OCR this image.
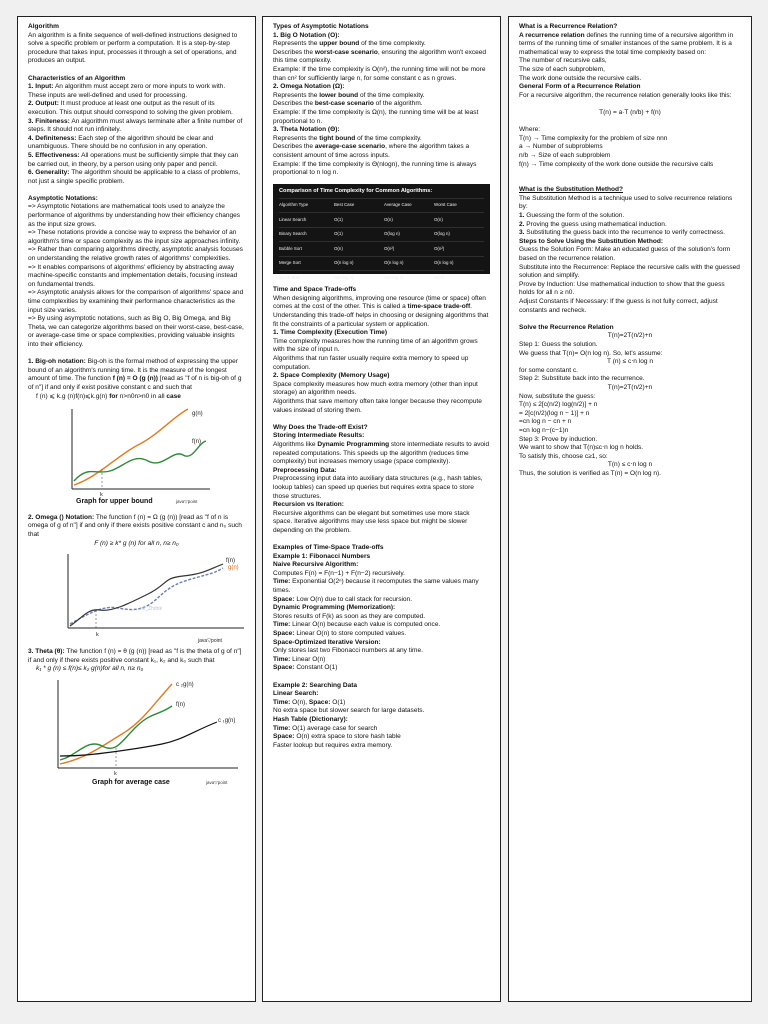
Algorithm

An algorithm is a finite sequence of well-defined instructions designed to solve a specific problem or perform a computation. It is a step-by-step procedure that takes input, processes it through a set of operations, and produces an output.

Characteristics of an Algorithm

1. Input: An algorithm must accept zero or more inputs to work with. These inputs are well-defined and used for processing.

2. Output: It must produce at least one output as the result of its execution. This output should correspond to solving the given problem.

3. Finiteness: An algorithm must always terminate after a finite number of steps. It should not run infinitely.

4. Definiteness: Each step of the algorithm should be clear and unambiguous. There should be no confusion in any operation.

5. Effectiveness: All operations must be sufficiently simple that they can be carried out, in theory, by a person using only paper and pencil.

6. Generality: The algorithm should be applicable to a class of problems, not just a single specific problem.

Asymptotic Notations:

=> Asymptotic Notations are mathematical tools used to analyze the performance of algorithms by understanding how their efficiency changes as the input size grows.

=> These notations provide a concise way to express the behavior of an algorithm's time or space complexity as the input size approaches infinity.

=> Rather than comparing algorithms directly, asymptotic analysis focuses on understanding the relative growth rates of algorithms' complexities.

=> It enables comparisons of algorithms' efficiency by abstracting away machine-specific constants and implementation details, focusing instead on fundamental trends.

=> Asymptotic analysis allows for the comparison of algorithms' space and time complexities by examining their performance characteristics as the input size varies.

=> By using asymptotic notations, such as Big O, Big Omega, and Big Theta, we can categorize algorithms based on their worst-case, best-case, or average-case time or space complexities, providing valuable insights into their efficiency.

1. Big-oh notation: Big-oh is the formal method of expressing the upper bound of an algorithm's running time. It is the measure of the longest amount of time. The function f (n) = O (g (n)) [read as "f of n is big-oh of g of n"] if and only if exist positive constant c and such that

f (n) ⩽ k.g (n)f(n)⩽k.g(n) for n>n0n>n0 in all case

g(n)
f(n)
k
Graph for upper bound	java▽point

2. Omega () Notation: The function f (n) = Ω (g (n)) [read as "f of n is omega of g of n"] if and only if there exists positive constant c and n₀ such that

F (n) ≥ k* g (n) for all n, n≥ n₀

nk_Zhdnk
f(n)
g(n)
k
java▽point

3. Theta (θ): The function f (n) = θ (g (n)) [read as "f is the theta of g of n"] if and only if there exists positive constant k₁, k₂ and k₀ such that

k₁ * g (n) ≤ f(n)≤ k₂ g(n)for all n, n≥ n₀

c ₂g(n)
f(n)
c ₁g(n)
k
Graph for average case	java▽point

Types of Asymptotic Notations

1. Big O Notation (O):

Represents the upper bound of the time complexity.

Describes the worst-case scenario, ensuring the algorithm won't exceed this time complexity.

Example: If the time complexity is O(n²), the running time will not be more than cn² for sufficiently large n, for some constant c as n grows.

2. Omega Notation (Ω):

Represents the lower bound of the time complexity.

Describes the best-case scenario of the algorithm.

Example: If the time complexity is Ω(n), the running time will be at least proportional to n.

3. Theta Notation (Θ):

Represents the tight bound of the time complexity.

Describes the average-case scenario, where the algorithm takes a consistent amount of time across inputs.

Example: If the time complexity is Θ(nlogn), the running time is always proportional to n log n.

Comparison of Time Complexity for Common Algorithms:
Algorithm Type	Best Case	Average Case	Worst Case
Linear Search	O(1)	O(n)	O(n)
Binary Search	O(1)	O(log n)	O(log n)
Bubble Sort	O(n)	O(n²)	O(n²)
Merge Sort	O(n log n)	O(n log n)	O(n log n)
Quick Sort	O(n log n)	O(n log n)	O(n²)

Time and Space Trade-offs

When designing algorithms, improving one resource (time or space) often comes at the cost of the other. This is called a time-space trade-off. Understanding this trade-off helps in choosing or designing algorithms that fit the constraints of a particular system or application.

1. Time Complexity (Execution Time)

Time complexity measures how the running time of an algorithm grows with the size of input n.

Algorithms that run faster usually require extra memory to speed up computation.

2. Space Complexity (Memory Usage)

Space complexity measures how much extra memory (other than input storage) an algorithm needs.

Algorithms that save memory often take longer because they recompute values instead of storing them.

Why Does the Trade-off Exist?

Storing Intermediate Results:

Algorithms like Dynamic Programming store intermediate results to avoid repeated computations. This speeds up the algorithm (reduces time complexity) but increases memory usage (space complexity).

Preprocessing Data:

Preprocessing input data into auxiliary data structures (e.g., hash tables, lookup tables) can speed up queries but requires extra space to store those structures.

Recursion vs Iteration:

Recursive algorithms can be elegant but sometimes use more stack space. Iterative algorithms may use less space but might be slower depending on the problem.

Examples of Time-Space Trade-offs

Example 1: Fibonacci Numbers

Naive Recursive Algorithm:

Computes F(n) = F(n−1) + F(n−2) recursively.

Time: Exponential O(2ⁿ) because it recomputes the same values many times.

Space: Low O(n) due to call stack for recursion.

Dynamic Programming (Memorization):

Stores results of F(k) as soon as they are computed.

Time: Linear O(n) because each value is computed once.

Space: Linear O(n) to store computed values.

Space-Optimized Iterative Version:

Only stores last two Fibonacci numbers at any time.

Time: Linear O(n)

Space: Constant O(1)

Example 2: Searching Data

Linear Search:

Time: O(n), Space: O(1)

No extra space but slower search for large datasets.

Hash Table (Dictionary):

Time: O(1) average case for search

Space: O(n) extra space to store hash table

Faster lookup but requires extra memory.

What is a Recurrence Relation?

A recurrence relation defines the running time of a recursive algorithm in terms of the running time of smaller instances of the same problem. It is a mathematical way to express the total time complexity based on:

The number of recursive calls,

The size of each subproblem,

The work done outside the recursive calls.

General Form of a Recurrence Relation

For a recursive algorithm, the recurrence relation generally looks like this:

T(n) = a·T (n/b) + f(n)

Where:

T(n) → Time complexity for the problem of size nnn

a → Number of subproblems

n/b → Size of each subproblem

f(n) → Time complexity of the work done outside the recursive calls

What is the Substitution Method?

The Substitution Method is a technique used to solve recurrence relations by:

1. Guessing the form of the solution.

2. Proving the guess using mathematical induction.

3. Substituting the guess back into the recurrence to verify correctness.

Steps to Solve Using the Substitution Method:

Guess the Solution Form: Make an educated guess of the solution's form based on the recurrence relation.

Substitute into the Recurrence: Replace the recursive calls with the guessed solution and simplify.

Prove by Induction: Use mathematical induction to show that the guess holds for all n ≥ n0.

Adjust Constants if Necessary: If the guess is not fully correct, adjust constants and recheck.

Solve the Recurrence Relation

T(n)=2T(n/2)+n

Step 1: Guess the solution.

We guess that T(n)= O(n log n). So, let's assume:

T (n) ≤ c⋅n log n

for some constant c.

Step 2: Substitute back into the recurrence.

T(n)=2T(n/2)+n

Now, substitute the guess:

T(n) ≤ 2[c(n/2) log(n/2)] + n

= 2[c(n/2)(log n − 1)] + n

=cn log n − cn + n

=cn log n−(c−1)n

Step 3: Prove by induction.

We want to show that T(n)≤c⋅n log n holds.

To satisfy this, choose c≥1, so:

T(n) ≤ c⋅n log n

Thus, the solution is verified as T(n) = O(n log n).
